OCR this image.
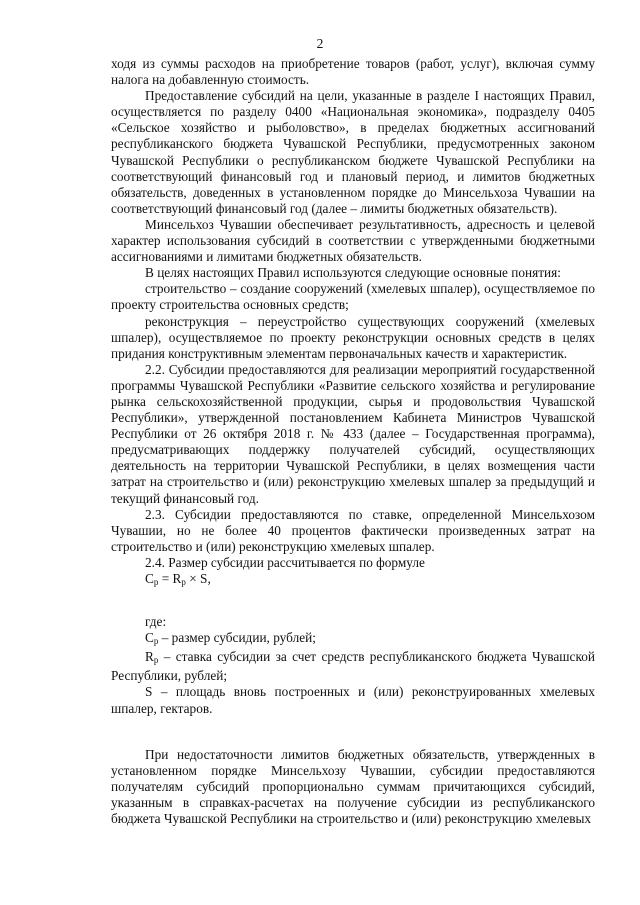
2

ходя из суммы расходов на приобретение товаров (работ, услуг), включая сумму налога на добавленную стоимость.

Предоставление субсидий на цели, указанные в разделе I настоящих Правил, осуществляется по разделу 0400 «Национальная экономика», подразделу 0405 «Сельское хозяйство и рыболовство», в пределах бюджетных ассигнований республиканского бюджета Чувашской Республики, предусмотренных законом Чувашской Республики о республиканском бюджете Чувашской Республики на соответствующий финансовый год и плановый период, и лимитов бюджетных обязательств, доведенных в установленном порядке до Минсельхоза Чувашии на соответствующий финансовый год (далее – лимиты бюджетных обязательств).

Минсельхоз Чувашии обеспечивает результативность, адресность и целевой характер использования субсидий в соответствии с утвержденными бюджетными ассигнованиями и лимитами бюджетных обязательств.

В целях настоящих Правил используются следующие основные понятия:

строительство – создание сооружений (хмелевых шпалер), осуществляемое по проекту строительства основных средств;

реконструкция – переустройство существующих сооружений (хмелевых шпалер), осуществляемое по проекту реконструкции основных средств в целях придания конструктивным элементам первоначальных качеств и характеристик.

2.2. Субсидии предоставляются для реализации мероприятий государственной программы Чувашской Республики «Развитие сельского хозяйства и регулирование рынка сельскохозяйственной продукции, сырья и продовольствия Чувашской Республики», утвержденной постановлением Кабинета Министров Чувашской Республики от 26 октября 2018 г. № 433 (далее – Государственная программа), предусматривающих поддержку получателей субсидий, осуществляющих деятельность на территории Чувашской Республики, в целях возмещения части затрат на строительство и (или) реконструкцию хмелевых шпалер за предыдущий и текущий финансовый год.

2.3. Субсидии предоставляются по ставке, определенной Минсельхозом Чувашии, но не более 40 процентов фактически произведенных затрат на строительство и (или) реконструкцию хмелевых шпалер.

2.4. Размер субсидии рассчитывается по формуле

$C_р = R_р \times S$,

где:

$C_р$ – размер субсидии, рублей;

$R_р$ – ставка субсидии за счет средств республиканского бюджета Чувашской Республики, рублей;

S – площадь вновь построенных и (или) реконструированных хмелевых шпалер, гектаров.

При недостаточности лимитов бюджетных обязательств, утвержденных в установленном порядке Минсельхозу Чувашии, субсидии предоставляются получателям субсидий пропорционально суммам причитающихся субсидий, указанным в справках-расчетах на получение субсидии из республиканского бюджета Чувашской Республики на строительство и (или) реконструкцию хмелевых
